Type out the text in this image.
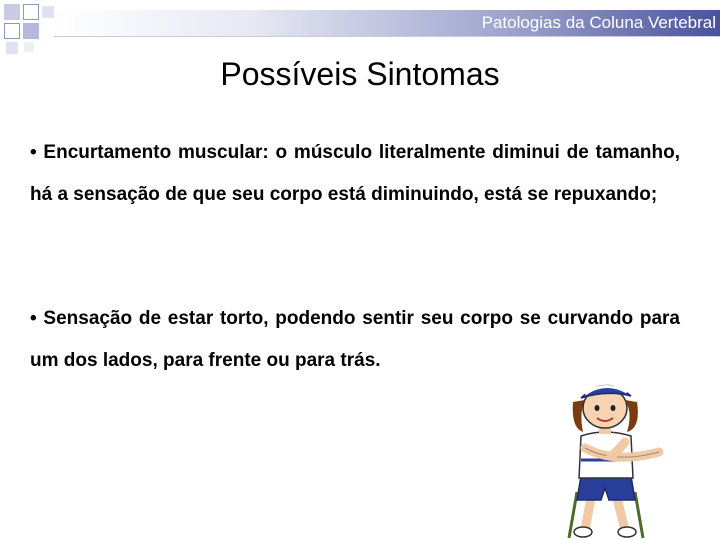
Patologias da Coluna Vertebral
Possíveis Sintomas
• Encurtamento muscular: o músculo literalmente diminui de tamanho, há a sensação de que seu corpo está diminuindo, está se repuxando;
• Sensação de estar torto, podendo sentir seu corpo se curvando para um dos lados, para frente ou para trás.
